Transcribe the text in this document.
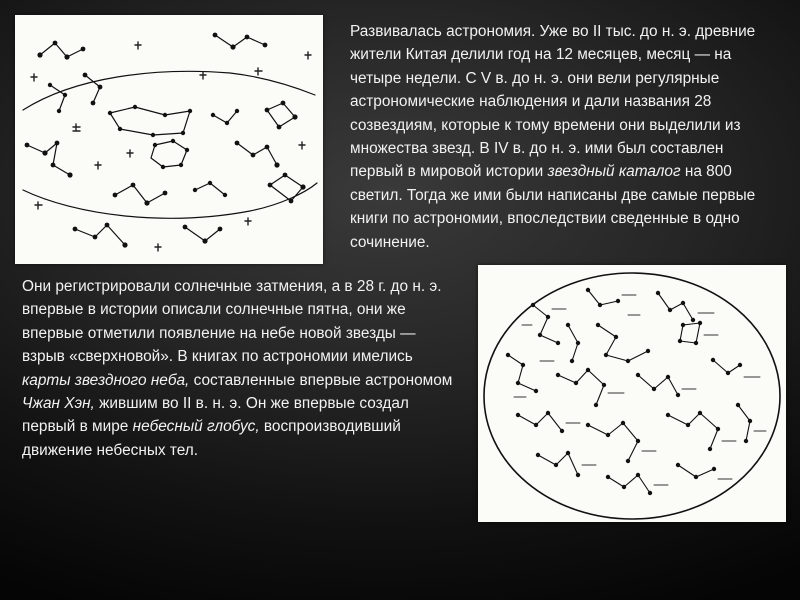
Развивалась астрономия. Уже во II тыс. до н. э. древние жители Китая делили год на 12 месяцев, месяц — на четыре недели. С V в. до н. э. они вели регулярные астрономические наблюдения и дали названия 28 созвездиям, которые к тому времени они выделили из множества звезд. В IV в. до н. э. ими был составлен первый в мировой истории звездный каталог на 800 светил. Тогда же ими были написаны две самые первые книги по астрономии, впоследствии сведенные в одно сочинение.

Они регистрировали солнечные затмения, а в 28 г. до н. э. впервые в истории описали солнечные пятна, они же впервые отметили появление на небе новой звезды — взрыв «сверхновой». В книгах по астрономии имелись карты звездного неба, составленные впервые астрономом Чжан Хэн, жившим во II в. н. э. Он же впервые создал первый в мире небесный глобус, воспроизводивший движение небесных тел.
